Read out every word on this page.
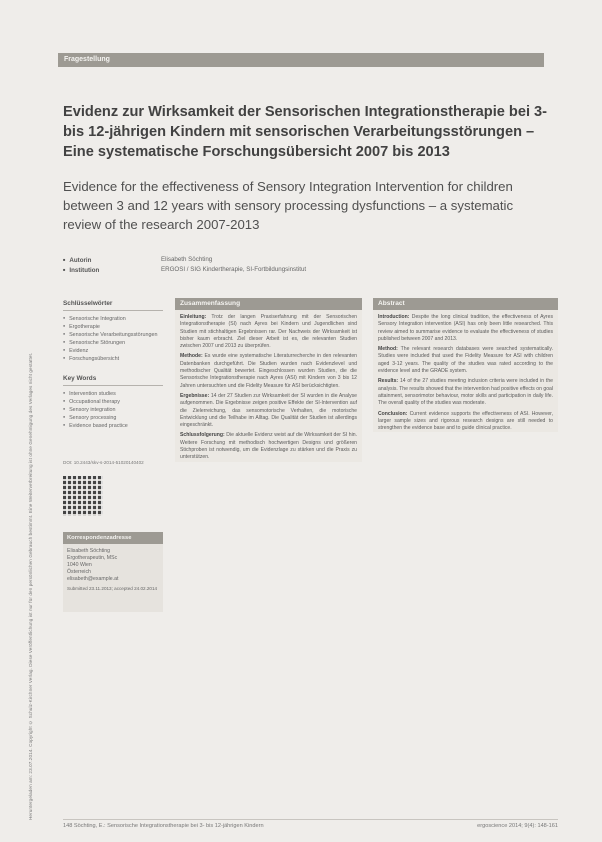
Heruntergeladen am: 23.07.2014. Copyright © Schulz-Kirchner Verlag. Diese Veröffentlichung ist nur für den persönlichen Gebrauch bestimmt. Eine Weiterverbreitung ist ohne Genehmigung des Verlages nicht gestattet.
Fragestellung
Evidenz zur Wirksamkeit der Sensorischen Integrationstherapie bei 3- bis 12-jährigen Kindern mit sensorischen Verarbeitungsstörungen – Eine systematische Forschungsübersicht 2007 bis 2013
Evidence for the effectiveness of Sensory Integration Intervention for children between 3 and 12 years with sensory processing dysfunctions – a systematic review of the research 2007-2013
■ Autorin	Elisabeth Söchting
■ Institution	ERGOSI / SIG Kindertherapie, SI-Fortbildungsinstitut
Schlüsselwörter
■ Sensorische Integration
■ Ergotherapie
■ Sensorische Verarbeitungsstörungen
■ Sensorische Störungen
■ Evidenz
■ Forschungsübersicht
Key Words
■ Intervention studies
■ Occupational therapy
■ Sensory integration
■ Sensory processing
■ Evidence based practice
DOI: 10.2443/skv-s-2014-51020140402
Korrespondenzadresse
Elisabeth Söchting
Ergotherapeutin, MSc
1040 Wien
Österreich
elisabeth@example.at
Submitted 23.11.2013; accepted 24.02.2014
Zusammenfassung

Einleitung: Trotz der langen Praxiserfahrung mit der Sensorischen Integrationstherapie (SI) nach Ayres bei Kindern und Jugendlichen sind Studien mit stichhaltigen Ergebnissen rar. Der Nachweis der Wirksamkeit ist bisher kaum erbracht. Ziel dieser Arbeit ist es, die relevanten Studien zwischen 2007 und 2013 zu überprüfen.

Methode: Es wurde eine systematische Literaturrecherche in den relevanten Datenbanken durchgeführt. Die Studien wurden nach Evidenzlevel und methodischer Qualität bewertet. Eingeschlossen wurden Studien, die die Sensorische Integrationstherapie nach Ayres (ASI) mit Kindern von 3 bis 12 Jahren untersuchten und die Fidelity Measure für ASI berücksichtigten.

Ergebnisse: 14 der 27 Studien zur Wirksamkeit der SI wurden in die Analyse aufgenommen. Die Ergebnisse zeigen positive Effekte der SI-Intervention auf die Zielerreichung, das sensomotorische Verhalten, die motorische Entwicklung und die Teilhabe im Alltag. Die Qualität der Studien ist allerdings eingeschränkt.

Schlussfolgerung: Die aktuelle Evidenz weist auf die Wirksamkeit der SI hin. Weitere Forschung mit methodisch hochwertigen Designs und größeren Stichproben ist notwendig, um die Evidenzlage zu stärken und die Praxis zu unterstützen.

Abstract

Introduction: Despite the long clinical tradition, the effectiveness of Ayres Sensory Integration intervention (ASI) has only been little researched. This review aimed to summarise evidence to evaluate the effectiveness of studies published between 2007 and 2013.

Method: The relevant research databases were searched systematically. Studies were included that used the Fidelity Measure for ASI with children aged 3-12 years. The quality of the studies was rated according to the evidence level and the GRADE system.

Results: 14 of the 27 studies meeting inclusion criteria were included in the analysis. The results showed that the intervention had positive effects on goal attainment, sensorimotor behaviour, motor skills and participation in daily life. The overall quality of the studies was moderate.

Conclusion: Current evidence supports the effectiveness of ASI. However, larger sample sizes and rigorous research designs are still needed to strengthen the evidence base and to guide clinical practice.

148 Söchting, E.: Sensorische Integrationstherapie bei 3- bis 12-jährigen Kindern	ergoscience 2014; 9(4): 148-161
